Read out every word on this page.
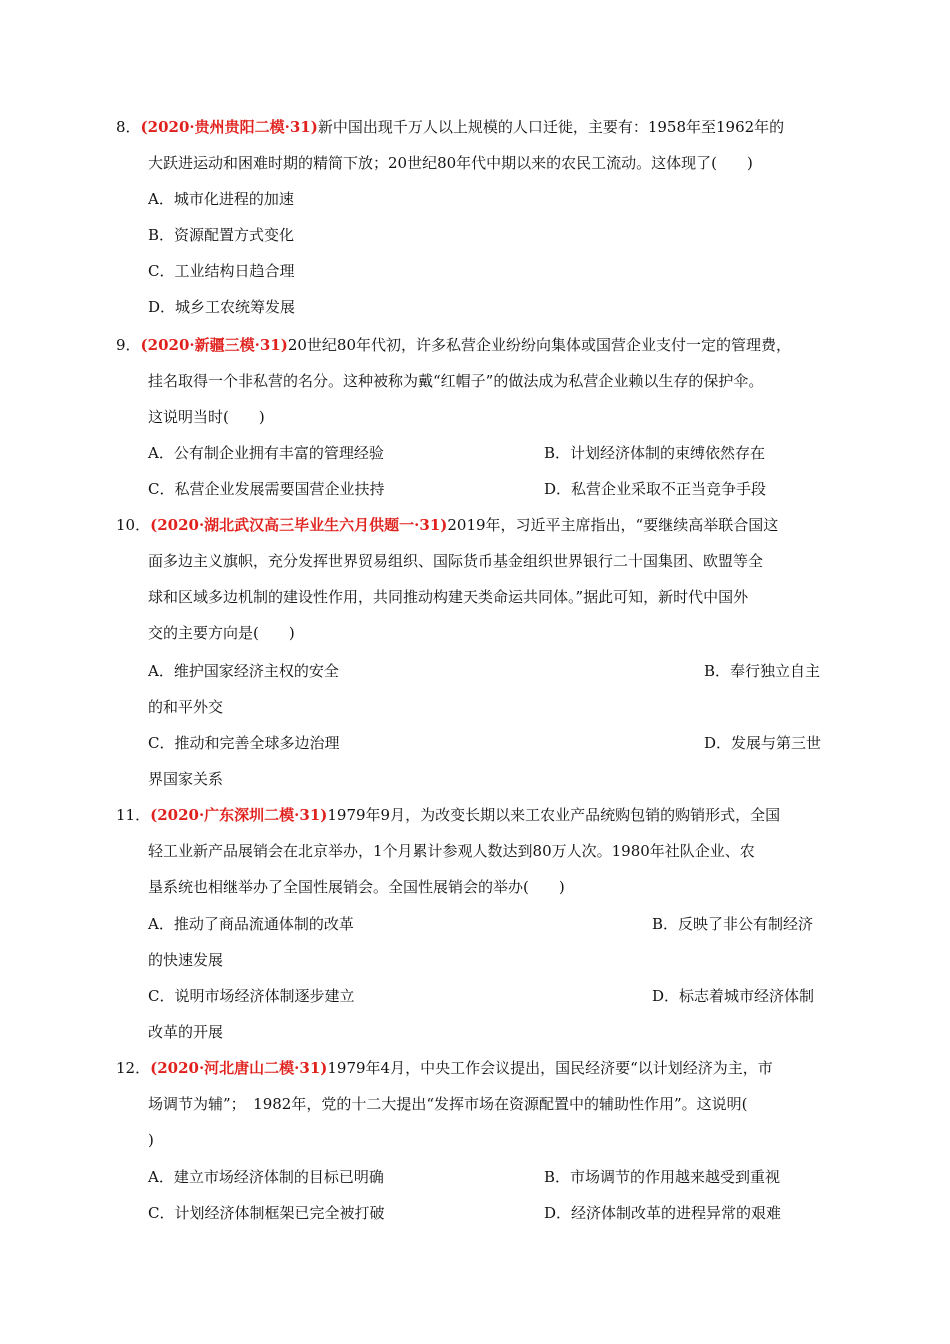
8．(2020·贵州贵阳二模·31)新中国出现千万人以上规模的人口迁徙，主要有：1958年至1962年的
大跃进运动和困难时期的精简下放；20世纪80年代中期以来的农民工流动。这体现了(　　)
A．城市化进程的加速
B．资源配置方式变化
C．工业结构日趋合理
D．城乡工农统筹发展
9．(2020·新疆三模·31)20世纪80年代初，许多私营企业纷纷向集体或国营企业支付一定的管理费，
挂名取得一个非私营的名分。这种被称为戴“红帽子”的做法成为私营企业赖以生存的保护伞。
这说明当时(　　)
A．公有制企业拥有丰富的管理经验	B．计划经济体制的束缚依然存在
C．私营企业发展需要国营企业扶持	D．私营企业采取不正当竞争手段
10．(2020·湖北武汉高三毕业生六月供题一·31)2019年，习近平主席指出，“要继续高举联合国这
面多边主义旗帜，充分发挥世界贸易组织、国际货币基金组织世界银行二十国集团、欧盟等全
球和区域多边机制的建设性作用，共同推动构建天类命运共同体。”据此可知，新时代中国外
交的主要方向是(　　)
A．维护国家经济主权的安全	B．奉行独立自主
的和平外交
C．推动和完善全球多边治理	D．发展与第三世
界国家关系
11．(2020·广东深圳二模·31)1979年9月，为改变长期以来工农业产品统购包销的购销形式，全国
轻工业新产品展销会在北京举办，1个月累计参观人数达到80万人次。1980年社队企业、农
垦系统也相继举办了全国性展销会。全国性展销会的举办(　　)
A．推动了商品流通体制的改革	B．反映了非公有制经济
的快速发展
C．说明市场经济体制逐步建立	D．标志着城市经济体制
改革的开展
12．(2020·河北唐山二模·31)1979年4月，中央工作会议提出，国民经济要“以计划经济为主，市
场调节为辅”；　1982年，党的十二大提出“发挥市场在资源配置中的辅助性作用”。这说明(
)
A．建立市场经济体制的目标已明确	B．市场调节的作用越来越受到重视
C．计划经济体制框架已完全被打破	D．经济体制改革的进程异常的艰难
